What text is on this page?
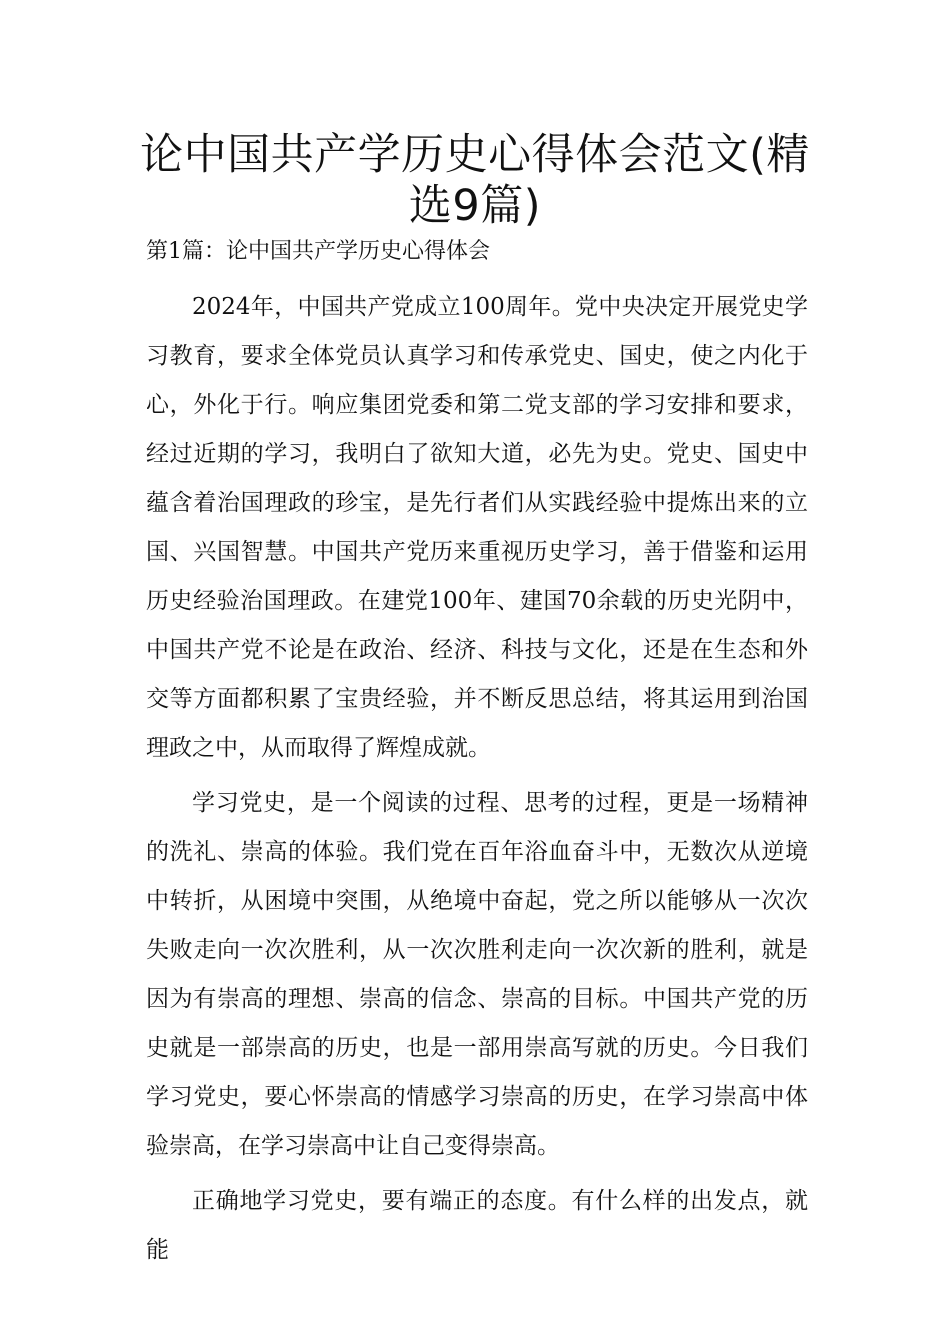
论中国共产学历史心得体会范文(精选9篇)
第1篇：论中国共产学历史心得体会

2024年，中国共产党成立100周年。党中央决定开展党史学习教育，要求全体党员认真学习和传承党史、国史，使之内化于心，外化于行。响应集团党委和第二党支部的学习安排和要求，经过近期的学习，我明白了欲知大道，必先为史。党史、国史中蕴含着治国理政的珍宝，是先行者们从实践经验中提炼出来的立国、兴国智慧。中国共产党历来重视历史学习，善于借鉴和运用历史经验治国理政。在建党100年、建国70余载的历史光阴中，中国共产党不论是在政治、经济、科技与文化，还是在生态和外交等方面都积累了宝贵经验，并不断反思总结，将其运用到治国理政之中，从而取得了辉煌成就。

学习党史，是一个阅读的过程、思考的过程，更是一场精神的洗礼、崇高的体验。我们党在百年浴血奋斗中，无数次从逆境中转折，从困境中突围，从绝境中奋起，党之所以能够从一次次失败走向一次次胜利，从一次次胜利走向一次次新的胜利，就是因为有崇高的理想、崇高的信念、崇高的目标。中国共产党的历史就是一部崇高的历史，也是一部用崇高写就的历史。今日我们学习党史，要心怀崇高的情感学习崇高的历史，在学习崇高中体验崇高，在学习崇高中让自己变得崇高。

正确地学习党史，要有端正的态度。有什么样的出发点，就能
